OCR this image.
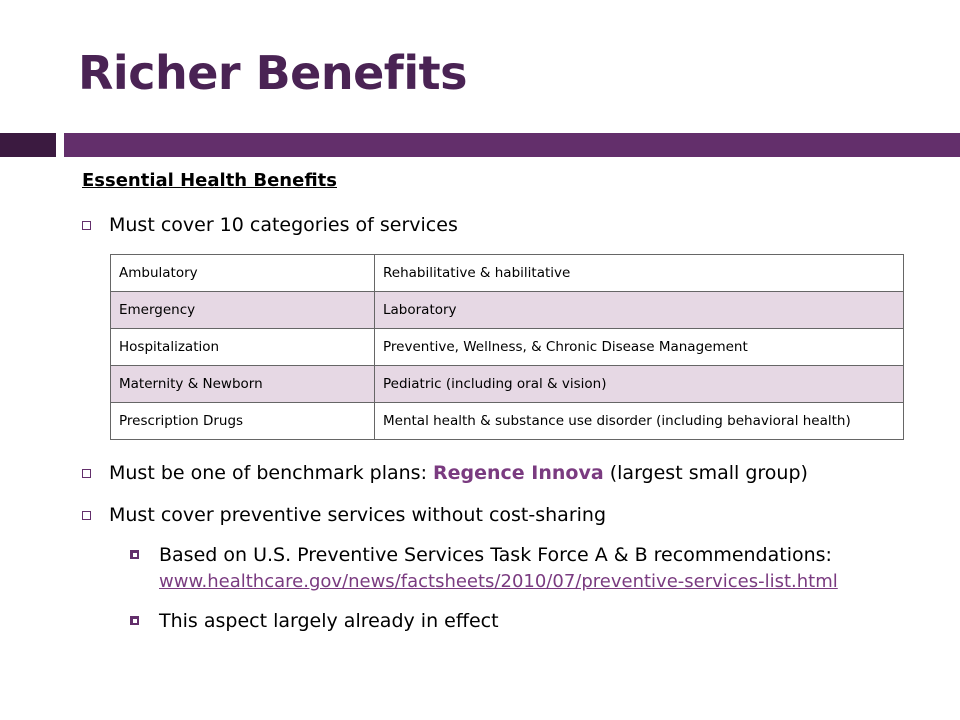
Richer Benefits
Essential Health Benefits
Must cover 10 categories of services
Ambulatory	Rehabilitative & habilitative
Emergency	Laboratory
Hospitalization	Preventive, Wellness, & Chronic Disease Management
Maternity & Newborn	Pediatric (including oral & vision)
Prescription Drugs	Mental health & substance use disorder (including behavioral health)
Must be one of benchmark plans: Regence Innova (largest small group)
Must cover preventive services without cost-sharing
Based on U.S. Preventive Services Task Force A & B recommendations:
www.healthcare.gov/news/factsheets/2010/07/preventive-services-list.html
This aspect largely already in effect
